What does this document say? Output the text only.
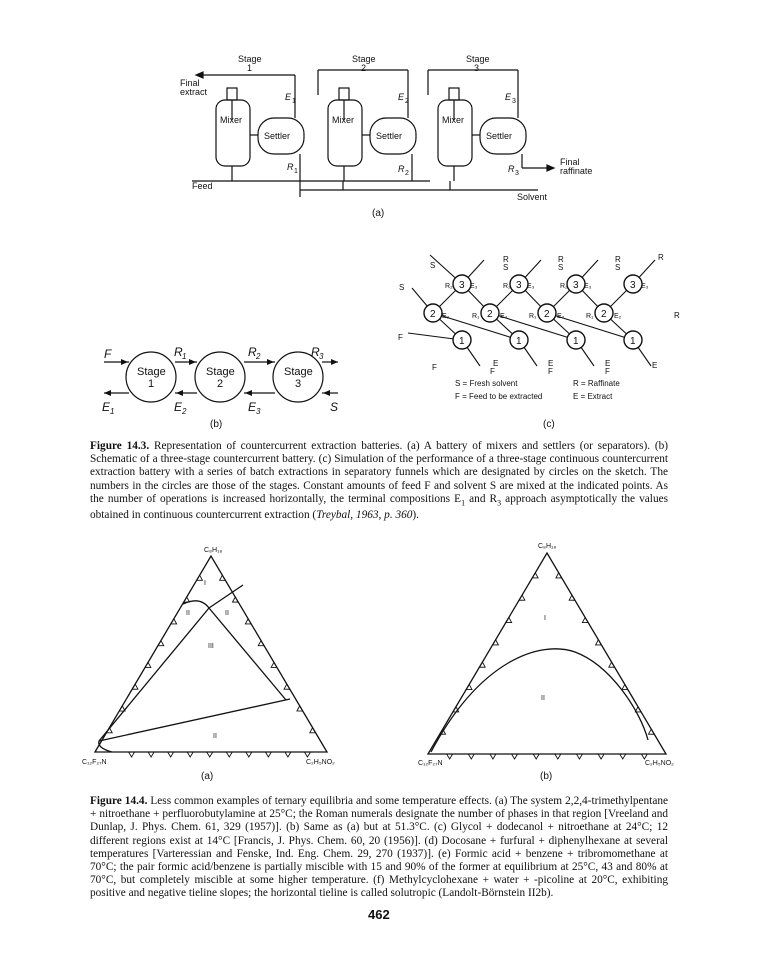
Stage
1
Stage
2
Stage
3
Final
extract
Mixer	Mixer	Mixer
Settler	Settler	Settler
E 1	E 2	E 3
R 1	R 2	R 3
Final
raffinate
Feed
Solvent
(a)
Stage
1
Stage
2
Stage
3
F
S
R 1	R 2	R 3
E 1	E 2	E 3
(b)
3	3	3	3
2	2	2	2
1	1	1	1
E₃	E₃	E₃	E₃
R₂	R₂	R₂
E₂	E₂	E₂	E₂
R₁	R₁	R₁
S
S
F
R
S
R
S
R
S
R
E
F
E
F
E
F
E
F
R
S = Fresh solvent
F = Feed to be extracted
R = Raffinate
E = Extract
(c)
Figure 14.3. Representation of countercurrent extraction batteries. (a) A battery of mixers and settlers (or separators). (b) Schematic of a three-stage countercurrent battery. (c) Simulation of the performance of a three-stage continuous countercurrent extraction battery with a series of batch extractions in separatory funnels which are designated by circles on the sketch. The numbers in the circles are those of the stages. Constant amounts of feed F and solvent S are mixed at the indicated points. As the number of operations is increased horizontally, the terminal compositions $E_1$ and $R_3$ approach asymptotically the values obtained in continuous countercurrent extraction (Treybal, 1963, p. 360).
C₈H₁₈
C₁₂F₂₇N	C₂H₅NO₂
I
II	II
III
II
(a)
C₈H₁₈
C₁₂F₂₇N	C₂H₅NO₂
I
II
(b)
Figure 14.4. Less common examples of ternary equilibria and some temperature effects. (a) The system 2,2,4-trimethylpentane + nitroethane + perfluorobutylamine at 25°C; the Roman numerals designate the number of phases in that region [Vreeland and Dunlap, J. Phys. Chem. 61, 329 (1957)]. (b) Same as (a) but at 51.3°C. (c) Glycol + dodecanol + nitroethane at 24°C; 12 different regions exist at 14°C [Francis, J. Phys. Chem. 60, 20 (1956)]. (d) Docosane + furfural + diphenylhexane at several temperatures [Varteressian and Fenske, Ind. Eng. Chem. 29, 270 (1937)]. (e) Formic acid + benzene + tribromomethane at 70°C; the pair formic acid/benzene is partially miscible with 15 and 90% of the former at equilibrium at 25°C, 43 and 80% at 70°C, but completely miscible at some higher temperature. (f) Methylcyclohexane + water + -picoline at 20°C, exhibiting positive and negative tieline slopes; the horizontal tieline is called solutropic (Landolt-Börnstein II2b).
462
